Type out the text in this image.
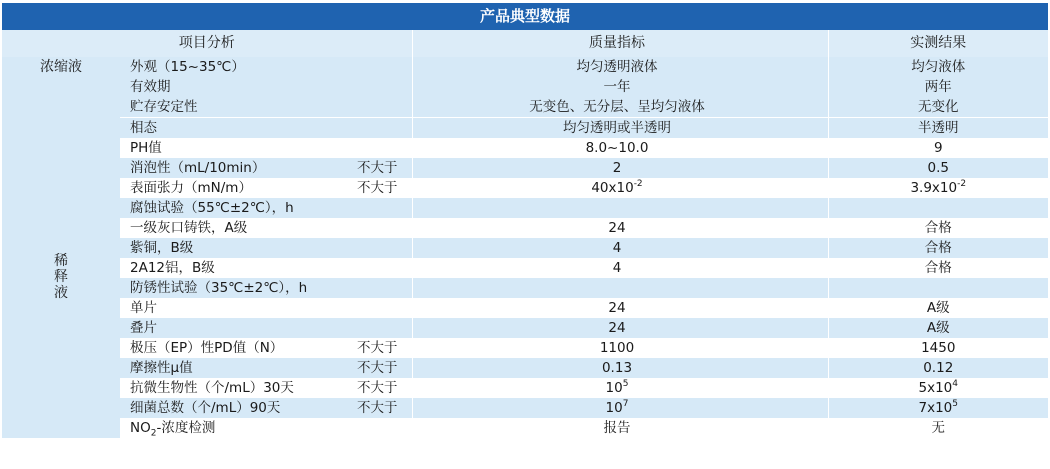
产品典型数据
项目分析		质量指标	实测结果
浓缩液	外观（15~35℃）	均匀透明液体	均匀液体
	有效期	一年	两年
	贮存安定性	无变色、无分层、呈均匀液体	无变化
稀释液	相态	均匀透明或半透明	半透明
	PH值	8.0~10.0	9

	消泡性（mL/10min） 不大于	2	0.5

	表面张力（mN/m） 不大于	$40x10^{-2}$	$3.9x10^{-2}$
	腐蚀试验（55℃±2℃），h		
	一级灰口铸铁，A级	24	合格
	紫铜，B级	4	合格
	2A12铝，B级	4	合格
	防锈性试验（35℃±2℃），h		
	单片	24	A级
	叠片	24	A级

	极压（EP）性PD值（N） 不大于	1100	1450

	摩擦性μ值 不大于	0.13	0.12

	抗微生物性（个/mL）30天 不大于	$10^5$	$5x10^4$

	细菌总数（个/mL）90天 不大于	$10^7$	$7x10^5$
	$NO_2-$浓度检测	报告	无
